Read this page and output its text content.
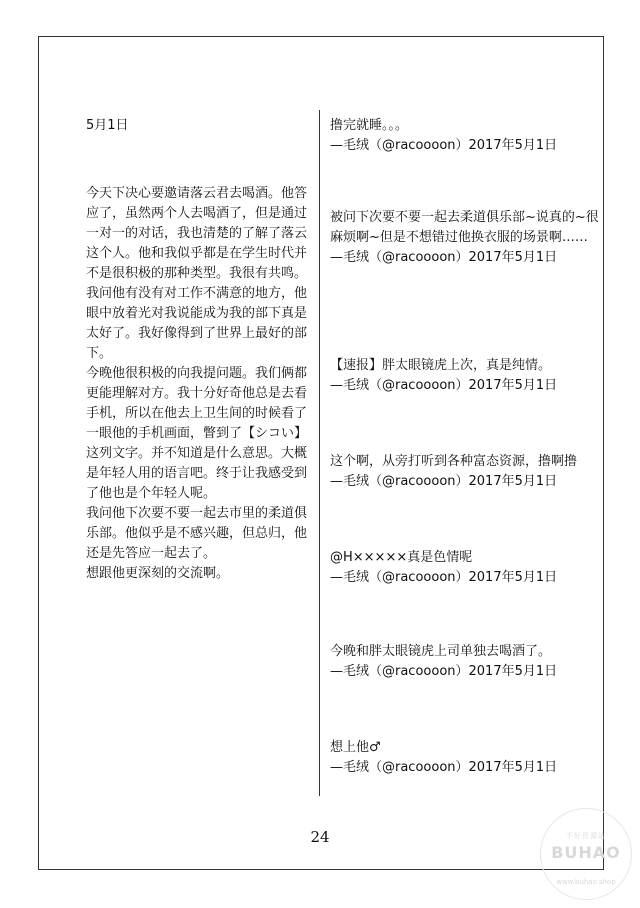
5月1日

今天下决心要邀请落云君去喝酒。他答应了，虽然两个人去喝酒了，但是通过一对一的对话，我也清楚的了解了落云这个人。他和我似乎都是在学生时代并不是很积极的那种类型。我很有共鸣。

我问他有没有对工作不满意的地方，他眼中放着光对我说能成为我的部下真是太好了。我好像得到了世界上最好的部下。

今晚他很积极的向我提问题。我们俩都更能理解对方。我十分好奇他总是去看手机，所以在他去上卫生间的时候看了一眼他的手机画面，瞥到了【シコい】这列文字。并不知道是什么意思。大概是年轻人用的语言吧。终于让我感受到了他也是个年轻人呢。

我问他下次要不要一起去市里的柔道俱乐部。他似乎是不感兴趣，但总归，他还是先答应一起去了。

想跟他更深刻的交流啊。

撸完就睡。。。

—毛绒（@racoooon）2017年5月1日

被问下次要不要一起去柔道俱乐部~说真的~很麻烦啊~但是不想错过他换衣服的场景啊……

—毛绒（@racoooon）2017年5月1日

【速报】胖太眼镜虎上次，真是纯情。

—毛绒（@racoooon）2017年5月1日

这个啊，从旁打听到各种富态资源，撸啊撸

—毛绒（@racoooon）2017年5月1日

@H×××××真是色情呢

—毛绒（@racoooon）2017年5月1日

今晚和胖太眼镜虎上司单独去喝酒了。

—毛绒（@racoooon）2017年5月1日

想上他♂

—毛绒（@racoooon）2017年5月1日

24	不好资源站
BUHAO
www.buhao.shop
